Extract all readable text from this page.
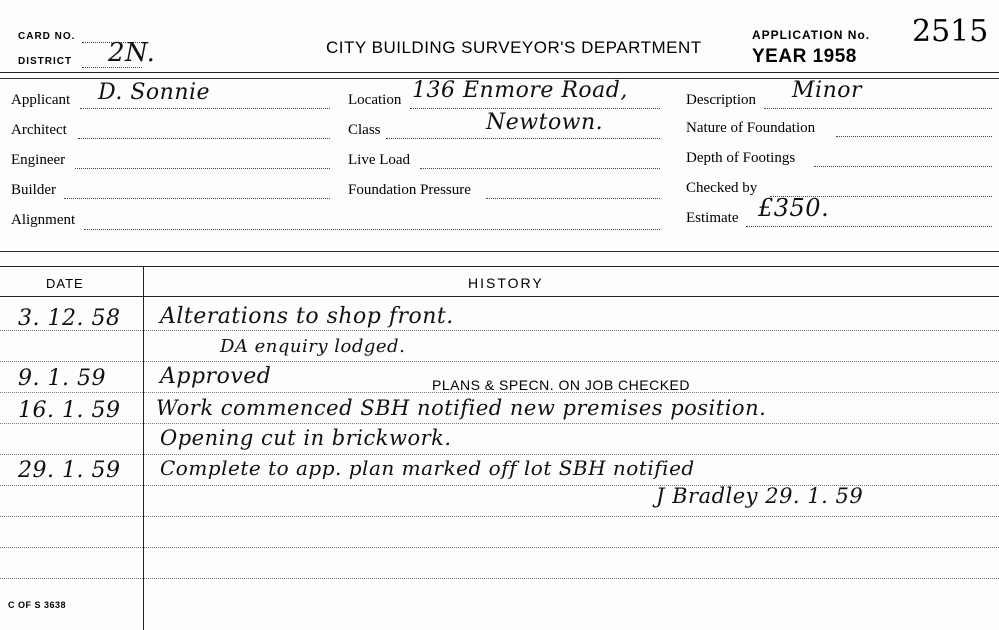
CARD NO.
DISTRICT 2N.	CITY BUILDING SURVEYOR'S DEPARTMENT
APPLICATION No. 2515
YEAR 1958
Applicant D. Sonnie
Architect
Engineer
Builder
Alignment
Location 136 Enmore Road,
Class	Newtown.
Live Load
Foundation Pressure
Description Minor
Nature of Foundation
Depth of Footings
Checked by
Estimate £350.
DATE	HISTORY
3. 12. 58 Alterations to shop front.
DA enquiry lodged.
9. 1. 59 Approved	PLANS & SPECN. ON JOB CHECKED
16. 1. 59 Work commenced SBH notified new premises position.
Opening cut in brickwork.
29. 1. 59 Complete to app. plan marked off lot SBH notified
J Bradley 29. 1. 59
C OF S 3638
